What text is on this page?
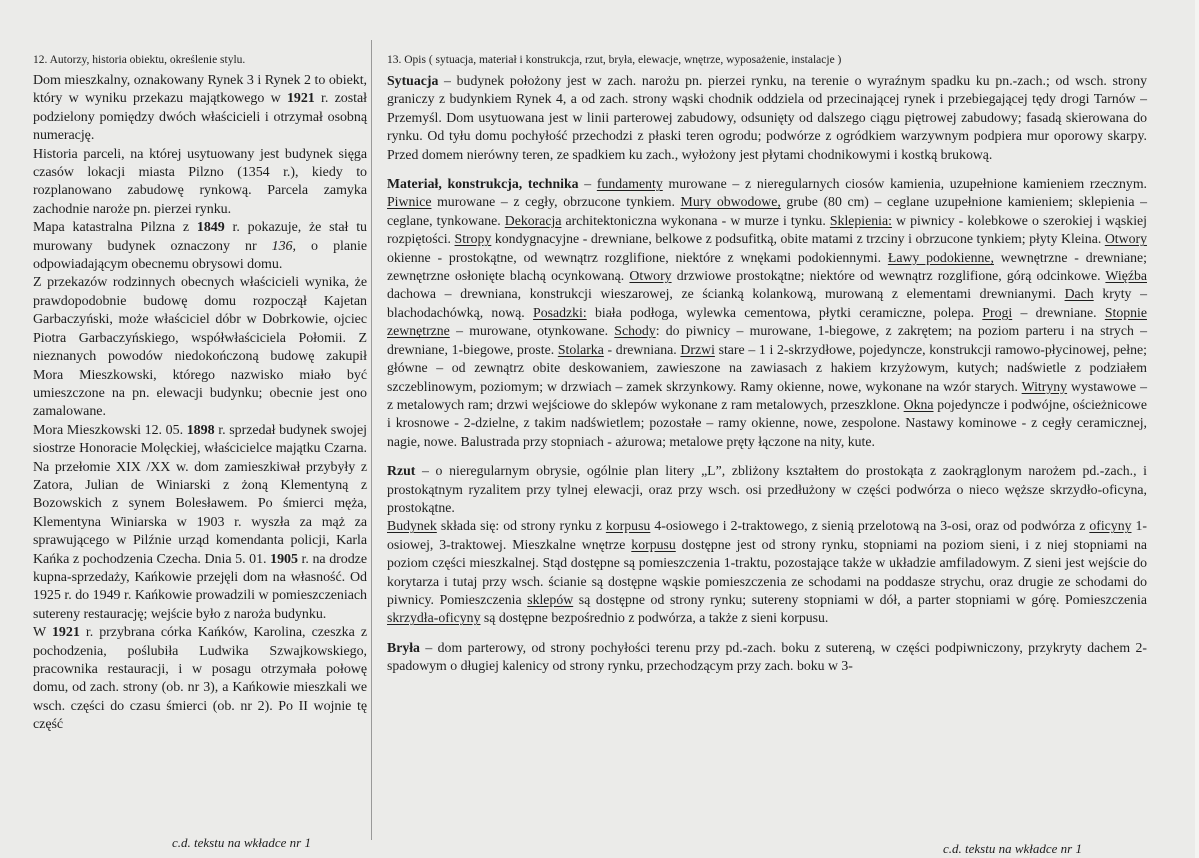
12. Autorzy, historia obiektu, określenie stylu.
Dom mieszkalny, oznakowany Rynek 3 i Rynek 2 to obiekt, który w wyniku przekazu majątkowego w 1921 r. został podzielony pomiędzy dwóch właścicieli i otrzymał osobną numerację.
Historia parceli, na której usytuowany jest budynek sięga czasów lokacji miasta Pilzno (1354 r.), kiedy to rozplanowano zabudowę rynkową. Parcela zamyka zachodnie naroże pn. pierzei rynku.
Mapa katastralna Pilzna z 1849 r. pokazuje, że stał tu murowany budynek oznaczony nr 136, o planie odpowiadającym obecnemu obrysowi domu.
Z przekazów rodzinnych obecnych właścicieli wynika, że prawdopodobnie budowę domu rozpoczął Kajetan Garbaczyński, może właściciel dóbr w Dobrkowie, ojciec Piotra Garbaczyńskiego, współwłaściciela Połomii. Z nieznanych powodów niedokończoną budowę zakupił Mora Mieszkowski, którego nazwisko miało być umieszczone na pn. elewacji budynku; obecnie jest ono zamalowane.
Mora Mieszkowski 12. 05. 1898 r. sprzedał budynek swojej siostrze Honoracie Molęckiej, właścicielce majątku Czarna. Na przełomie XIX /XX w. dom zamieszkiwał przybyły z Zatora, Julian de Winiarski z żoną Klementyną z Bozowskich z synem Bolesławem. Po śmierci męża, Klementyna Winiarska w 1903 r. wyszła za mąż za sprawującego w Pilźnie urząd komendanta policji, Karla Kańka z pochodzenia Czecha. Dnia 5. 01. 1905 r. na drodze kupna-sprzedaży, Kańkowie przejęli dom na własność. Od 1925 r. do 1949 r. Kańkowie prowadzili w pomieszczeniach sutereny restaurację; wejście było z naroża budynku.
W 1921 r. przybrana córka Kańków, Karolina, czeszka z pochodzenia, poślubiła Ludwika Szwajkowskiego, pracownika restauracji, i w posagu otrzymała połowę domu, od zach. strony (ob. nr 3), a Kańkowie mieszkali we wsch. części do czasu śmierci (ob. nr 2). Po II wojnie tę część
13. Opis ( sytuacja, materiał i konstrukcja, rzut, bryła, elewacje, wnętrze, wyposażenie, instalacje )

Sytuacja – budynek położony jest w zach. narożu pn. pierzei rynku, na terenie o wyraźnym spadku ku pn.-zach.; od wsch. strony graniczy z budynkiem Rynek 4, a od zach. strony wąski chodnik oddziela od przecinającej rynek i przebiegającej tędy drogi Tarnów – Przemyśl. Dom usytuowana jest w linii parterowej zabudowy, odsunięty od dalszego ciągu piętrowej zabudowy; fasadą skierowana do rynku. Od tyłu domu pochyłość przechodzi z płaski teren ogrodu; podwórze z ogródkiem warzywnym podpiera mur oporowy skarpy. Przed domem nierówny teren, ze spadkiem ku zach., wyłożony jest płytami chodnikowymi i kostką brukową.

Materiał, konstrukcja, technika – fundamenty murowane – z nieregularnych ciosów kamienia, uzupełnione kamieniem rzecznym. Piwnice murowane – z cegły, obrzucone tynkiem. Mury obwodowe, grube (80 cm) – ceglane uzupełnione kamieniem; sklepienia – ceglane, tynkowane. Dekoracja architektoniczna wykonana - w murze i tynku. Sklepienia: w piwnicy - kolebkowe o szerokiej i wąskiej rozpiętości. Stropy kondygnacyjne - drewniane, belkowe z podsufitką, obite matami z trzciny i obrzucone tynkiem; płyty Kleina. Otwory okienne - prostokątne, od wewnątrz rozglifione, niektóre z wnękami podokiennymi. Ławy podokienne, wewnętrzne - drewniane; zewnętrzne osłonięte blachą ocynkowaną. Otwory drzwiowe prostokątne; niektóre od wewnątrz rozglifione, górą odcinkowe. Więźba dachowa – drewniana, konstrukcji wieszarowej, ze ścianką kolankową, murowaną z elementami drewnianymi. Dach kryty – blachodachówką, nową. Posadzki: biała podłoga, wylewka cementowa, płytki ceramiczne, polepa. Progi – drewniane. Stopnie zewnętrzne – murowane, otynkowane. Schody: do piwnicy – murowane, 1-biegowe, z zakrętem; na poziom parteru i na strych – drewniane, 1-biegowe, proste. Stolarka - drewniana. Drzwi stare – 1 i 2-skrzydłowe, pojedyncze, konstrukcji ramowo-płycinowej, pełne; główne – od zewnątrz obite deskowaniem, zawieszone na zawiasach z hakiem krzyżowym, kutych; nadświetle z podziałem szczeblinowym, poziomym; w drzwiach – zamek skrzynkowy. Ramy okienne, nowe, wykonane na wzór starych. Witryny wystawowe – z metalowych ram; drzwi wejściowe do sklepów wykonane z ram metalowych, przeszklone. Okna pojedyncze i podwójne, ościeżnicowe i krosnowe - 2-dzielne, z takim nadświetlem; pozostałe – ramy okienne, nowe, zespolone. Nastawy kominowe - z cegły ceramicznej, nagie, nowe. Balustrada przy stopniach - ażurowa; metalowe pręty łączone na nity, kute.

Rzut – o nieregularnym obrysie, ogólnie plan litery „L”, zbliżony kształtem do prostokąta z zaokrąglonym narożem pd.-zach., i prostokątnym ryzalitem przy tylnej elewacji, oraz przy wsch. osi przedłużony w części podwórza o nieco węższe skrzydło-oficyna, prostokątne.

Budynek składa się: od strony rynku z korpusu 4-osiowego i 2-traktowego, z sienią przelotową na 3-osi, oraz od podwórza z oficyny 1-osiowej, 3-traktowej. Mieszkalne wnętrze korpusu dostępne jest od strony rynku, stopniami na poziom sieni, i z niej stopniami na poziom części mieszkalnej. Stąd dostępne są pomieszczenia 1-traktu, pozostające także w układzie amfiladowym. Z sieni jest wejście do korytarza i tutaj przy wsch. ścianie są dostępne wąskie pomieszczenia ze schodami na poddasze strychu, oraz drugie ze schodami do piwnicy. Pomieszczenia sklepów są dostępne od strony rynku; sutereny stopniami w dół, a parter stopniami w górę. Pomieszczenia skrzydła-oficyny są dostępne bezpośrednio z podwórza, a także z sieni korpusu.

Bryła – dom parterowy, od strony pochyłości terenu przy pd.-zach. boku z sutereną, w części podpiwniczony, przykryty dachem 2-spadowym o długiej kalenicy od strony rynku, przechodzącym przy zach. boku w 3-

c.d. tekstu na wkładce nr 1	c.d. tekstu na wkładce nr 1
